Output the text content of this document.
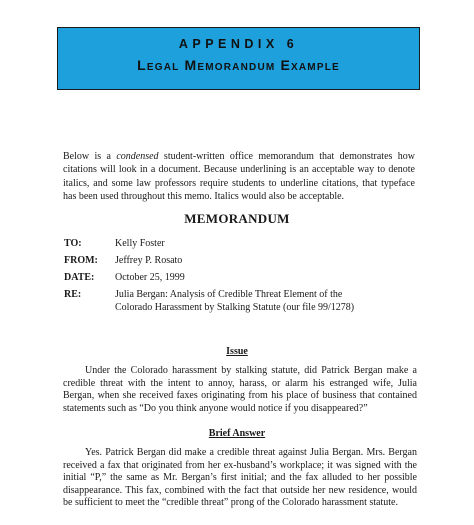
APPENDIX 6
Legal Memorandum Example

Below is a condensed student-written office memorandum that demonstrates how citations will look in a document. Because underlining is an acceptable way to denote italics, and some law professors require students to underline citations, that typeface has been used throughout this memo. Italics would also be acceptable.

MEMORANDUM
TO:	Kelly Foster
FROM: Jeffrey P. Rosato
DATE: October 25, 1999
RE:	Julia Bergan: Analysis of Credible Threat Element of the Colorado Harassment by Stalking Statute (our file 99/1278)
Issue

Under the Colorado harassment by stalking statute, did Patrick Bergan make a credible threat with the intent to annoy, harass, or alarm his estranged wife, Julia Bergan, when she received faxes originating from his place of business that contained statements such as “Do you think anyone would notice if you disappeared?”

Brief Answer

Yes. Patrick Bergan did make a credible threat against Julia Bergan. Mrs. Bergan received a fax that originated from her ex-husband’s workplace; it was signed with the initial “P,” the same as Mr. Bergan’s first initial; and the fax alluded to her possible disappearance. This fax, combined with the fact that outside her new residence, would be sufficient to meet the “credible threat” prong of the Colorado harassment statute.
